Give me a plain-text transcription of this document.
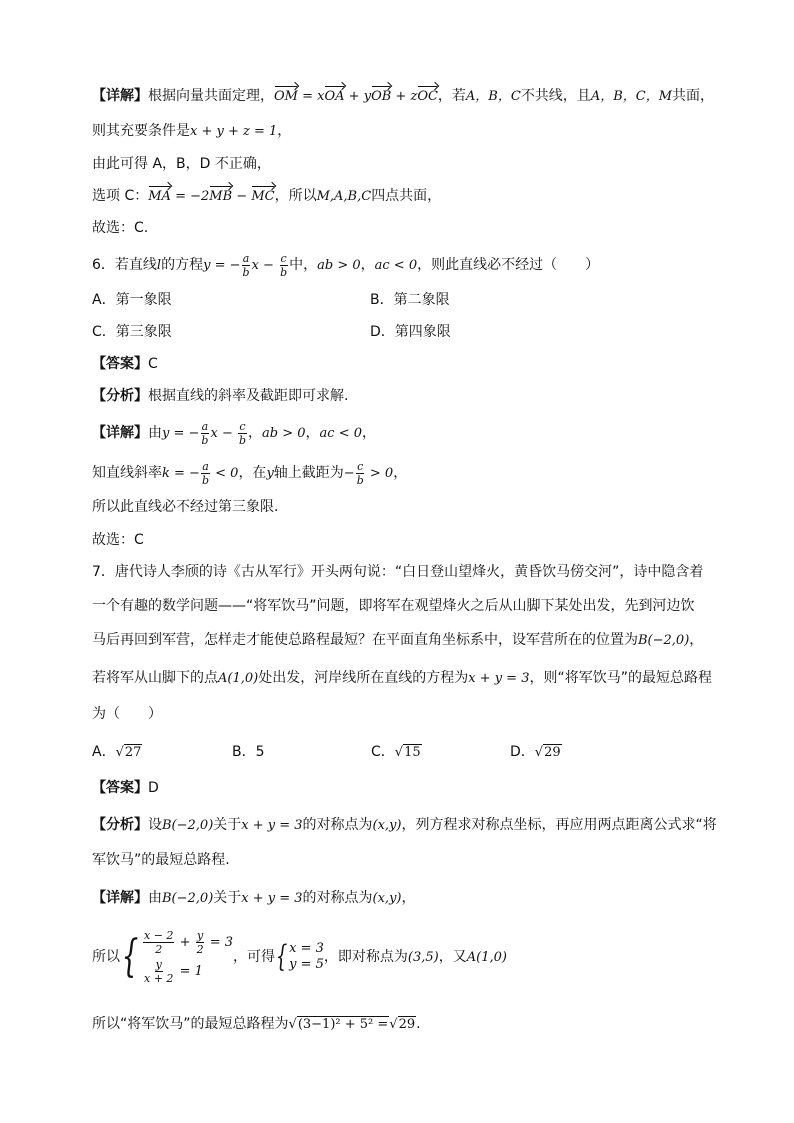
【详解】根据向量共面定理，OM = xOA + yOB + zOC，若A，B，C不共线，且A，B，C，M共面，
则其充要条件是x + y + z = 1，
由此可得 A，B，D 不正确，
选项 C：MA = −2MB − MC，所以M,A,B,C四点共面，
故选：C.
6．若直线l的方程y = − $\frac{a}{b}$ $x - \frac{c}{b}$ 中，ab > 0，ac < 0，则此直线必不经过（　　）
A．第一象限	B．第二象限
C．第三象限	D．第四象限
【答案】C
【分析】根据直线的斜率及截距即可求解.
【详解】由y = − $\frac{a}{b}$ $x - \frac{c}{b}$ ，ab > 0，ac < 0，
知直线斜率k = − $\frac{a}{b} < 0$，在y轴上截距为− $\frac{c}{b} > 0$，
所以此直线必不经过第三象限.
故选：C
7．唐代诗人李颀的诗《古从军行》开头两句说：“白日登山望烽火，黄昏饮马傍交河”，诗中隐含着
一个有趣的数学问题——“将军饮马”问题，即将军在观望烽火之后从山脚下某处出发，先到河边饮
马后再回到军营，怎样走才能使总路程最短？在平面直角坐标系中，设军营所在的位置为B(−2,0)，
若将军从山脚下的点A(1,0)处出发，河岸线所在直线的方程为x + y = 3，则“将军饮马”的最短总路程
为（　　）
A．√27	B．5	C．√15	D．√29
【答案】D
【分析】设B(−2,0)关于x + y = 3的对称点为(x,y)，列方程求对称点坐标，再应用两点距离公式求“将
军饮马”的最短总路程.
【详解】由B(−2,0)关于x + y = 3的对称点为(x,y)，
所以 { $\frac{x - 2}{2} + \frac{y}{2} = 3$
$\frac{y}{x + 2} = 1$
，可得 { x = 3
y = 5 ，即对称点为(3,5)，又A(1,0)
所以“将军饮马”的最短总路程为√(3−1)² + 5² =√29.
